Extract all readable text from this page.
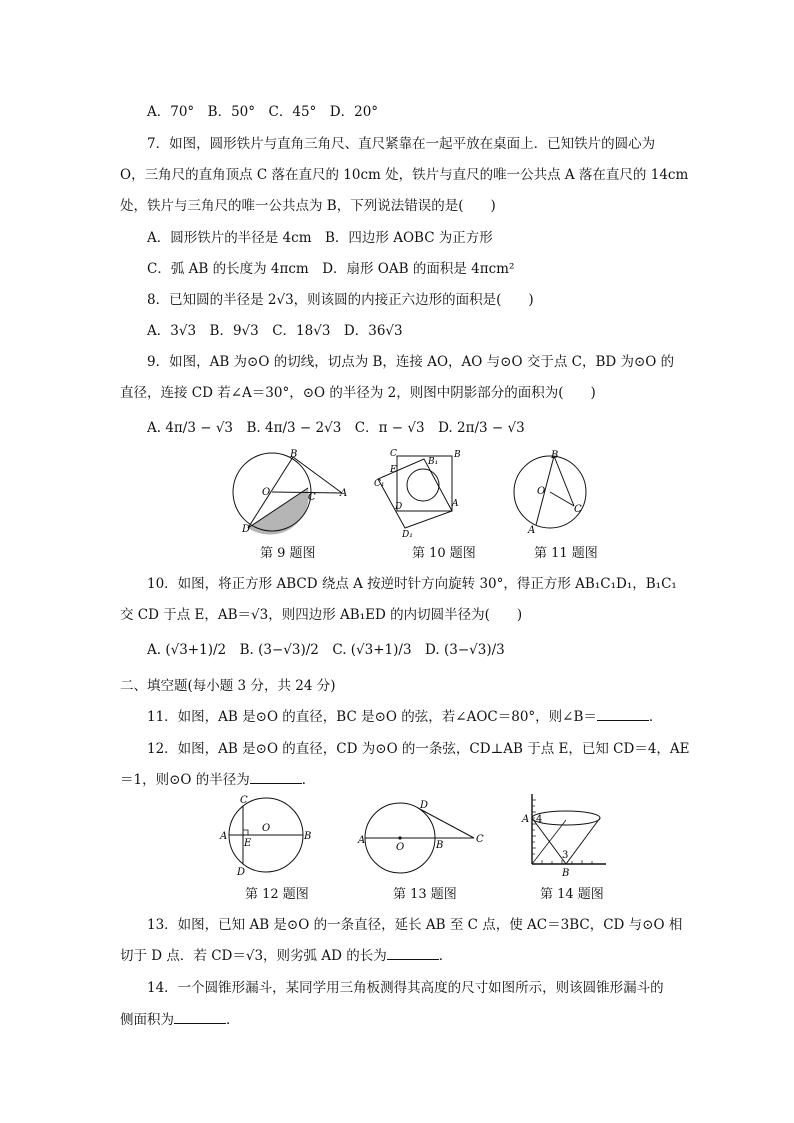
A．70°　B．50°　C．45°　D．20°
7．如图，圆形铁片与直角三角尺、直尺紧靠在一起平放在桌面上．已知铁片的圆心为
O，三角尺的直角顶点 C 落在直尺的 10cm 处，铁片与直尺的唯一公共点 A 落在直尺的 14cm
处，铁片与三角尺的唯一公共点为 B，下列说法错误的是(　　)
A．圆形铁片的半径是 4cm　B．四边形 AOBC 为正方形
C．弧 AB 的长度为 4πcm　D．扇形 OAB 的面积是 4πcm²
8．已知圆的半径是 2√3，则该圆的内接正六边形的面积是(　　)
A．3√3　B．9√3　C．18√3　D．36√3
9．如图，AB 为⊙O 的切线，切点为 B，连接 AO，AO 与⊙O 交于点 C，BD 为⊙O 的
直径，连接 CD 若∠A＝30°，⊙O 的半径为 2，则图中阴影部分的面积为(　　)
A. 4π/3 − √3　B. 4π/3 − 2√3　C．π − √3　D. 2π/3 − √3
B
O	C A
D
第 9 题图
C	B
E
B₁
C₁
D	A
D₁
第 10 题图
B
O
C
A
第 11 题图
10．如图，将正方形 ABCD 绕点 A 按逆时针方向旋转 30°，得正方形 AB₁C₁D₁，B₁C₁
交 CD 于点 E，AB＝√3，则四边形 AB₁ED 的内切圆半径为(　　)
A. (√3+1)/2　B. (3−√3)/2　C. (√3+1)/3　D. (3−√3)/3
二、填空题(每小题 3 分，共 24 分)
11．如图，AB 是⊙O 的直径，BC 是⊙O 的弦，若∠AOC＝80°，则∠B＝	．
12．如图，AB 是⊙O 的直径，CD 为⊙O 的一条弦，CD⊥AB 于点 E，已知 CD＝4，AE
＝1，则⊙O 的半径为	．
C
A
E
O
B
D
第 12 题图
D
A
O	B
C
第 13 题图
A 4
3
B
第 14 题图
13．如图，已知 AB 是⊙O 的一条直径，延长 AB 至 C 点，使 AC＝3BC，CD 与⊙O 相
切于 D 点．若 CD＝√3，则劣弧 AD 的长为	．
14．一个圆锥形漏斗，某同学用三角板测得其高度的尺寸如图所示，则该圆锥形漏斗的
侧面积为	．
